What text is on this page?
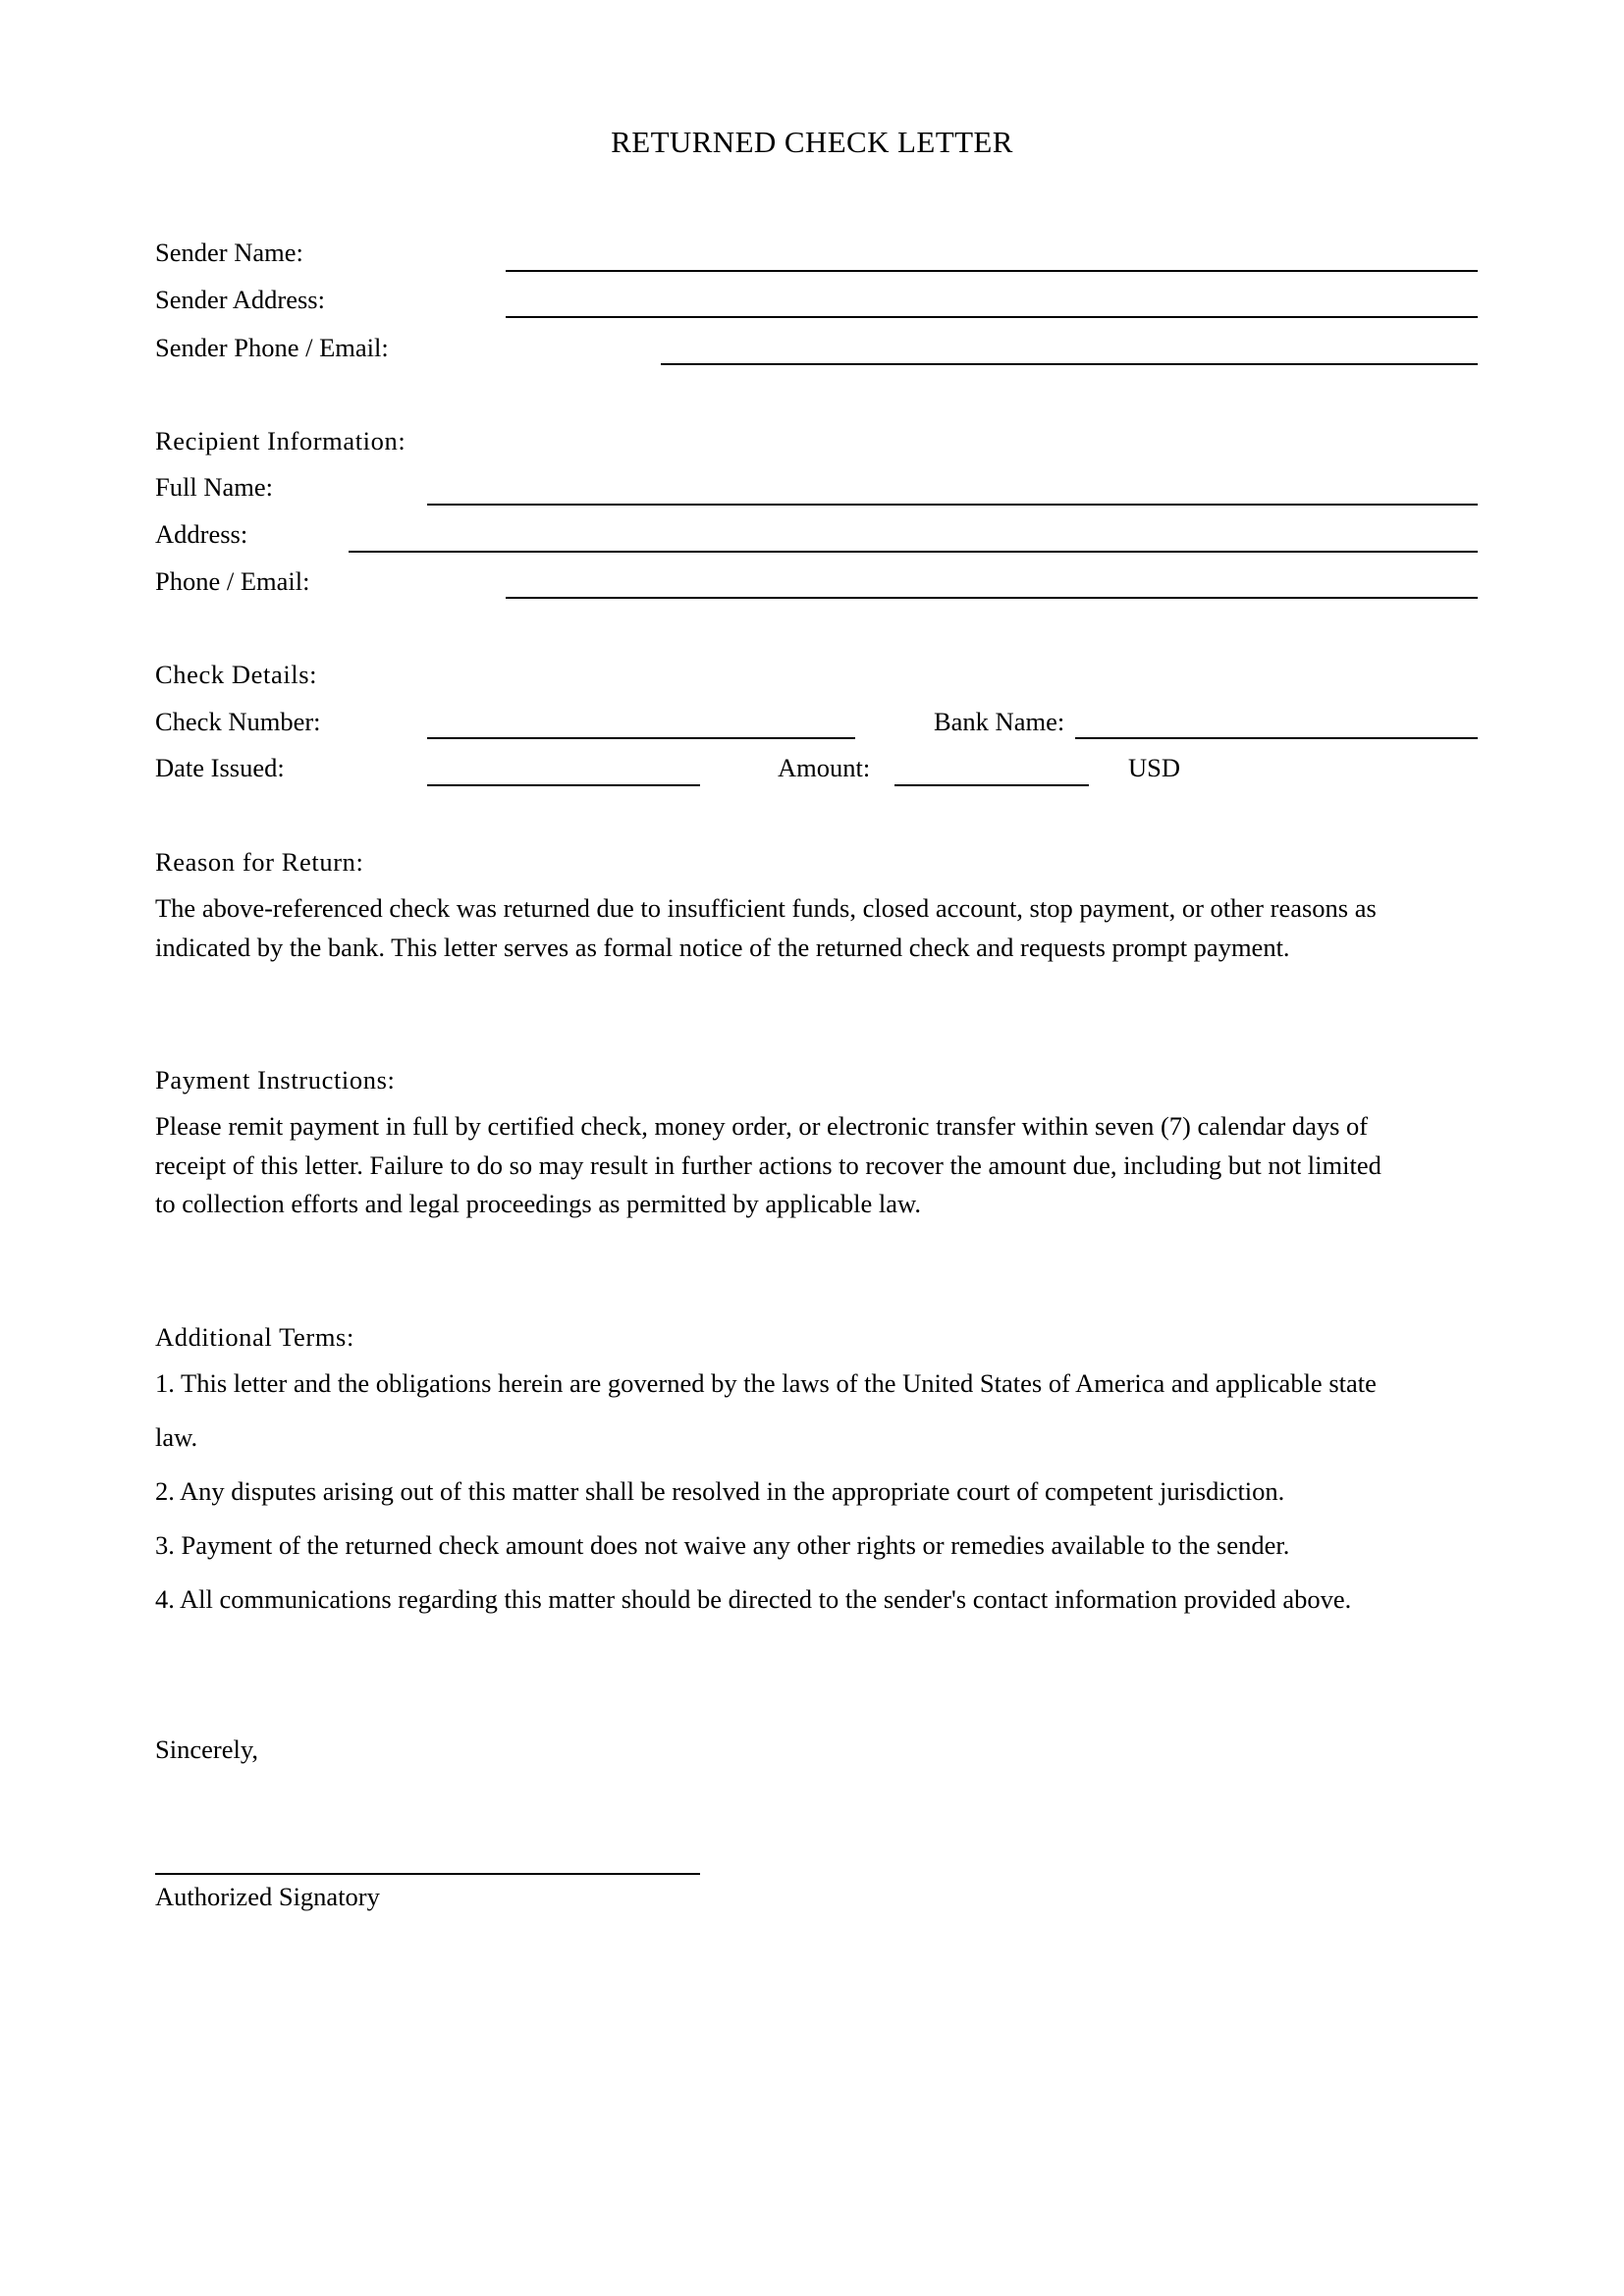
RETURNED CHECK LETTER
Sender Name:
Sender Address:
Sender Phone / Email:
Recipient Information:
Full Name:
Address:
Phone / Email:
Check Details:
Check Number:	Bank Name:
Date Issued:	Amount:	USD
Reason for Return:
The above-referenced check was returned due to insufficient funds, closed account, stop payment, or other reasons as
indicated by the bank. This letter serves as formal notice of the returned check and requests prompt payment.
Payment Instructions:
Please remit payment in full by certified check, money order, or electronic transfer within seven (7) calendar days of
receipt of this letter. Failure to do so may result in further actions to recover the amount due, including but not limited
to collection efforts and legal proceedings as permitted by applicable law.
Additional Terms:
1. This letter and the obligations herein are governed by the laws of the United States of America and applicable state
law.
2. Any disputes arising out of this matter shall be resolved in the appropriate court of competent jurisdiction.
3. Payment of the returned check amount does not waive any other rights or remedies available to the sender.
4. All communications regarding this matter should be directed to the sender's contact information provided above.
Sincerely,
Authorized Signatory
